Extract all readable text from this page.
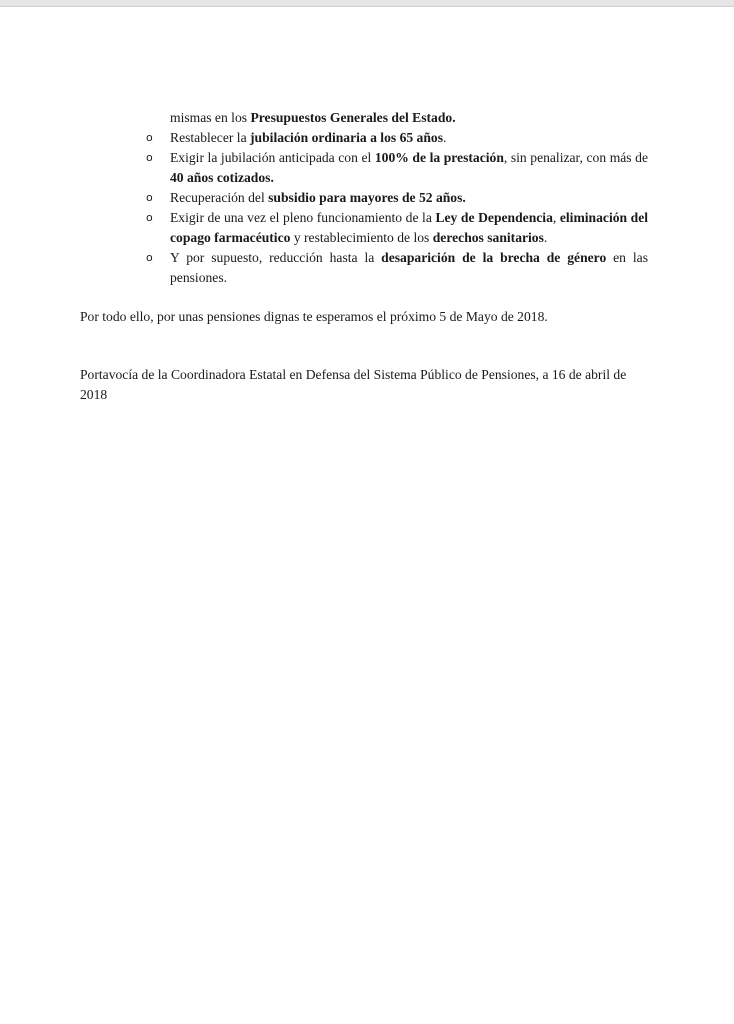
mismas en los Presupuestos Generales del Estado.
o Restablecer la jubilación ordinaria a los 65 años.
o Exigir la jubilación anticipada con el 100% de la prestación, sin penalizar, con más de 40 años cotizados.
o Recuperación del subsidio para mayores de 52 años.
o Exigir de una vez el pleno funcionamiento de la Ley de Dependencia, eliminación del copago farmacéutico y restablecimiento de los derechos sanitarios.
o Y por supuesto, reducción hasta la desaparición de la brecha de género en las pensiones.

Por todo ello, por unas pensiones dignas te esperamos el próximo 5 de Mayo de 2018.

Portavocía de la Coordinadora Estatal en Defensa del Sistema Público de Pensiones, a 16 de abril de 2018
